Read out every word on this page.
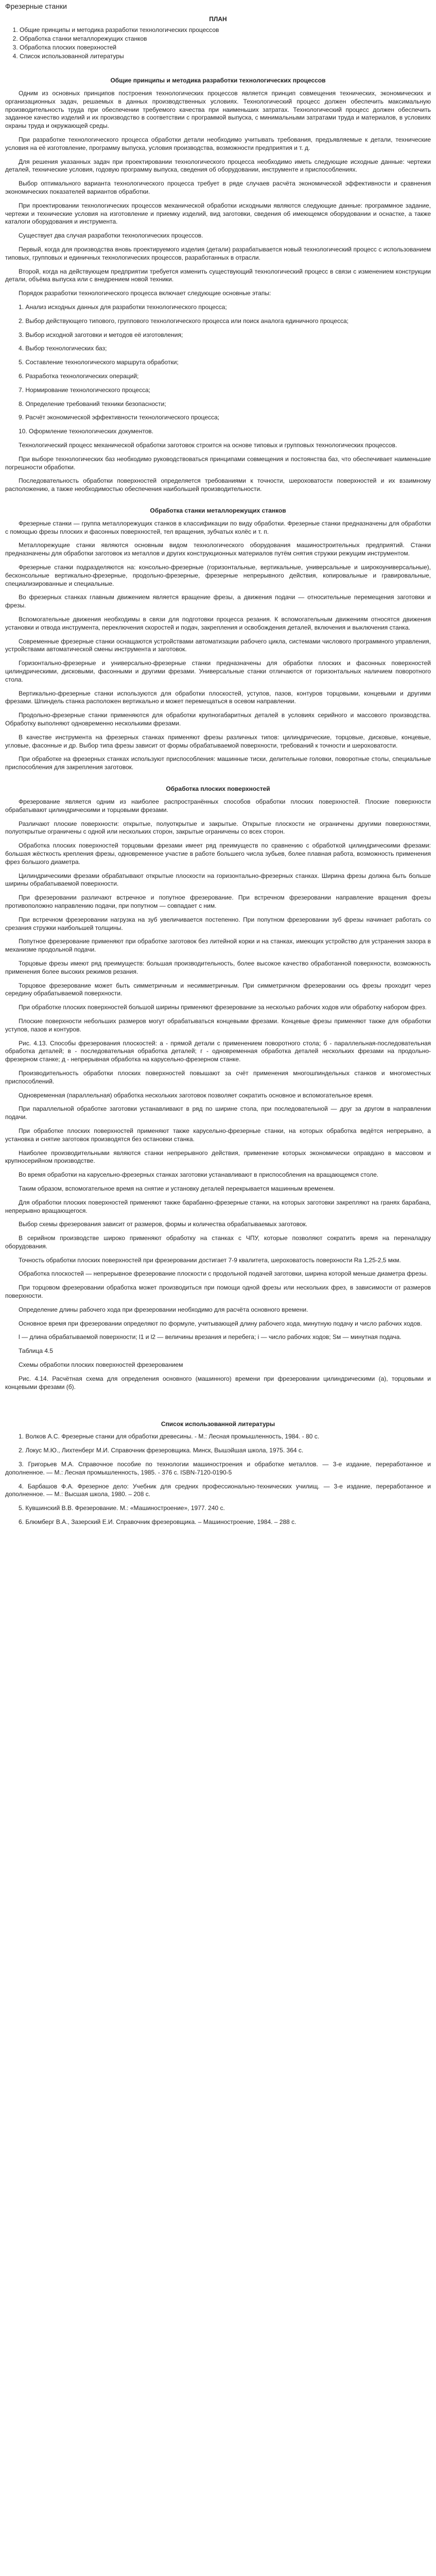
Фрезерные станки
ПЛАН
1. Общие принципы и методика разработки технологических процессов
2. Обработка станки металлорежущих станков
3. Обработка плоских поверхностей
4. Список использованной литературы
Общие принципы и методика разработки технологических процессов

Одним из основных принципов построения технологических процессов является принцип совмещения технических, экономических и организационных задач, решаемых в данных производственных условиях. Технологический процесс должен обеспечить максимальную производительность труда при обеспечении требуемого качества при наименьших затратах. Технологический процесс должен обеспечить заданное качество изделий и их производство в соответствии с программой выпуска, с минимальными затратами труда и материалов, в условиях охраны труда и окружающей среды.

При разработке технологического процесса обработки детали необходимо учитывать требования, предъявляемые к детали, технические условия на её изготовление, программу выпуска, условия производства, возможности предприятия и т. д.

Для решения указанных задач при проектировании технологического процесса необходимо иметь следующие исходные данные: чертежи деталей, технические условия, годовую программу выпуска, сведения об оборудовании, инструменте и приспособлениях.

Выбор оптимального варианта технологического процесса требует в ряде случаев расчёта экономической эффективности и сравнения экономических показателей вариантов обработки.

При проектировании технологических процессов механической обработки исходными являются следующие данные: программное задание, чертежи и технические условия на изготовление и приемку изделий, вид заготовки, сведения об имеющемся оборудовании и оснастке, а также каталоги оборудования и инструмента.

Существует два случая разработки технологических процессов.

Первый, когда для производства вновь проектируемого изделия (детали) разрабатывается новый технологический процесс с использованием типовых, групповых и единичных технологических процессов, разработанных в отрасли.

Второй, когда на действующем предприятии требуется изменить существующий технологический процесс в связи с изменением конструкции детали, объёма выпуска или с внедрением новой техники.

Порядок разработки технологического процесса включает следующие основные этапы:

1. Анализ исходных данных для разработки технологического процесса;

2. Выбор действующего типового, группового технологического процесса или поиск аналога единичного процесса;

3. Выбор исходной заготовки и методов её изготовления;

4. Выбор технологических баз;

5. Составление технологического маршрута обработки;

6. Разработка технологических операций;

7. Нормирование технологического процесса;

8. Определение требований техники безопасности;

9. Расчёт экономической эффективности технологического процесса;

10. Оформление технологических документов.

Технологический процесс механической обработки заготовок строится на основе типовых и групповых технологических процессов.

При выборе технологических баз необходимо руководствоваться принципами совмещения и постоянства баз, что обеспечивает наименьшие погрешности обработки.

Последовательность обработки поверхностей определяется требованиями к точности, шероховатости поверхностей и их взаимному расположению, а также необходимостью обеспечения наибольшей производительности.

Обработка станки металлорежущих станков

Фрезерные станки — группа металлорежущих станков в классификации по виду обработки. Фрезерные станки предназначены для обработки с помощью фрезы плоских и фасонных поверхностей, тел вращения, зубчатых колёс и т. п.

Металлорежущие станки являются основным видом технологического оборудования машиностроительных предприятий. Станки предназначены для обработки заготовок из металлов и других конструкционных материалов путём снятия стружки режущим инструментом.

Фрезерные станки подразделяются на: консольно-фрезерные (горизонтальные, вертикальные, универсальные и широкоуниверсальные), бесконсольные вертикально-фрезерные, продольно-фрезерные, фрезерные непрерывного действия, копировальные и гравировальные, специализированные и специальные.

Во фрезерных станках главным движением является вращение фрезы, а движения подачи — относительные перемещения заготовки и фрезы.

Вспомогательные движения необходимы в связи для подготовки процесса резания. К вспомогательным движениям относятся движения установки и отвода инструмента, переключения скоростей и подач, закрепления и освобождения деталей, включения и выключения станка.

Современные фрезерные станки оснащаются устройствами автоматизации рабочего цикла, системами числового программного управления, устройствами автоматической смены инструмента и заготовок.

Горизонтально-фрезерные и универсально-фрезерные станки предназначены для обработки плоских и фасонных поверхностей цилиндрическими, дисковыми, фасонными и другими фрезами. Универсальные станки отличаются от горизонтальных наличием поворотного стола.

Вертикально-фрезерные станки используются для обработки плоскостей, уступов, пазов, контуров торцовыми, концевыми и другими фрезами. Шпиндель станка расположен вертикально и может перемещаться в осевом направлении.

Продольно-фрезерные станки применяются для обработки крупногабаритных деталей в условиях серийного и массового производства. Обработку выполняют одновременно несколькими фрезами.

В качестве инструмента на фрезерных станках применяют фрезы различных типов: цилиндрические, торцовые, дисковые, концевые, угловые, фасонные и др. Выбор типа фрезы зависит от формы обрабатываемой поверхности, требований к точности и шероховатости.

При обработке на фрезерных станках используют приспособления: машинные тиски, делительные головки, поворотные столы, специальные приспособления для закрепления заготовок.

Обработка плоских поверхностей

Фрезерование является одним из наиболее распространённых способов обработки плоских поверхностей. Плоские поверхности обрабатывают цилиндрическими и торцовыми фрезами.

Различают плоские поверхности: открытые, полуоткрытые и закрытые. Открытые плоскости не ограничены другими поверхностями, полуоткрытые ограничены с одной или нескольких сторон, закрытые ограничены со всех сторон.

Обработка плоских поверхностей торцовыми фрезами имеет ряд преимуществ по сравнению с обработкой цилиндрическими фрезами: большая жёсткость крепления фрезы, одновременное участие в работе большего числа зубьев, более плавная работа, возможность применения фрез большого диаметра.

Цилиндрическими фрезами обрабатывают открытые плоскости на горизонтально-фрезерных станках. Ширина фрезы должна быть больше ширины обрабатываемой поверхности.

При фрезеровании различают встречное и попутное фрезерование. При встречном фрезеровании направление вращения фрезы противоположно направлению подачи, при попутном — совпадает с ним.

При встречном фрезеровании нагрузка на зуб увеличивается постепенно. При попутном фрезеровании зуб фрезы начинает работать со срезания стружки наибольшей толщины.

Попутное фрезерование применяют при обработке заготовок без литейной корки и на станках, имеющих устройство для устранения зазора в механизме продольной подачи.

Торцовые фрезы имеют ряд преимуществ: большая производительность, более высокое качество обработанной поверхности, возможность применения более высоких режимов резания.

Торцовое фрезерование может быть симметричным и несимметричным. При симметричном фрезеровании ось фрезы проходит через середину обрабатываемой поверхности.

При обработке плоских поверхностей большой ширины применяют фрезерование за несколько рабочих ходов или обработку набором фрез.

Плоские поверхности небольших размеров могут обрабатываться концевыми фрезами. Концевые фрезы применяют также для обработки уступов, пазов и контуров.

Рис. 4.13. Способы фрезерования плоскостей: а - прямой детали с применением поворотного стола; б - параллельная-последовательная обработка деталей; в - последовательная обработка деталей; г - одновременная обработка деталей нескольких фрезами на продольно-фрезерном станке; д - непрерывная обработка на карусельно-фрезерном станке.

Производительность обработки плоских поверхностей повышают за счёт применения многошпиндельных станков и многоместных приспособлений.

Одновременная (параллельная) обработка нескольких заготовок позволяет сократить основное и вспомогательное время.

При параллельной обработке заготовки устанавливают в ряд по ширине стола, при последовательной — друг за другом в направлении подачи.

При обработке плоских поверхностей применяют также карусельно-фрезерные станки, на которых обработка ведётся непрерывно, а установка и снятие заготовок производятся без остановки станка.

Наиболее производительными являются станки непрерывного действия, применение которых экономически оправдано в массовом и крупносерийном производстве.

Во время обработки на карусельно-фрезерных станках заготовки устанавливают в приспособления на вращающемся столе.

Таким образом, вспомогательное время на снятие и установку деталей перекрывается машинным временем.

Для обработки плоских поверхностей применяют также барабанно-фрезерные станки, на которых заготовки закрепляют на гранях барабана, непрерывно вращающегося.

Выбор схемы фрезерования зависит от размеров, формы и количества обрабатываемых заготовок.

В серийном производстве широко применяют обработку на станках с ЧПУ, которые позволяют сократить время на переналадку оборудования.

Точность обработки плоских поверхностей при фрезеровании достигает 7-9 квалитета, шероховатость поверхности Ra 1,25-2,5 мкм.

Обработка плоскостей — непрерывное фрезерование плоскости с продольной подачей заготовки, ширина которой меньше диаметра фрезы.

При торцовом фрезеровании обработка может производиться при помощи одной фрезы или нескольких фрез, в зависимости от размеров поверхности.

Определение длины рабочего хода при фрезеровании необходимо для расчёта основного времени.

Основное время при фрезеровании определяют по формуле, учитывающей длину рабочего хода, минутную подачу и число рабочих ходов.

l — длина обрабатываемой поверхности; l1 и l2 — величины врезания и перебега; i — число рабочих ходов; Sм — минутная подача.

Таблица 4.5

Схемы обработки плоских поверхностей фрезерованием

Рис. 4.14. Расчётная схема для определения основного (машинного) времени при фрезеровании цилиндрическими (а), торцовыми и концевыми фрезами (б).

Список использованной литературы

1. Волков А.С. Фрезерные станки для обработки древесины. - М.: Лесная промышленность, 1984. - 80 с.

2. Локус М.Ю., Лихтенберг М.И. Справочник фрезеровщика. Минск, Вышэйшая школа, 1975. 364 с.

3. Григорьев М.А. Справочное пособие по технологии машиностроения и обработке металлов. — 3-е издание, переработанное и дополненное. — М.: Лесная промышленность, 1985. - 376 с. ISBN-7120-0190-5

4. Барбашов Ф.А. Фрезерное дело: Учебник для средних профессионально-технических училищ. — 3-е издание, переработанное и дополненное. — М.: Высшая школа, 1980. – 208 с.

5. Кувшинский В.В. Фрезерование. М.: «Машиностроение», 1977. 240 с.

6. Блюмберг В.А., Зазерский Е.И. Справочник фрезеровщика. – Машиностроение, 1984. – 288 с.
